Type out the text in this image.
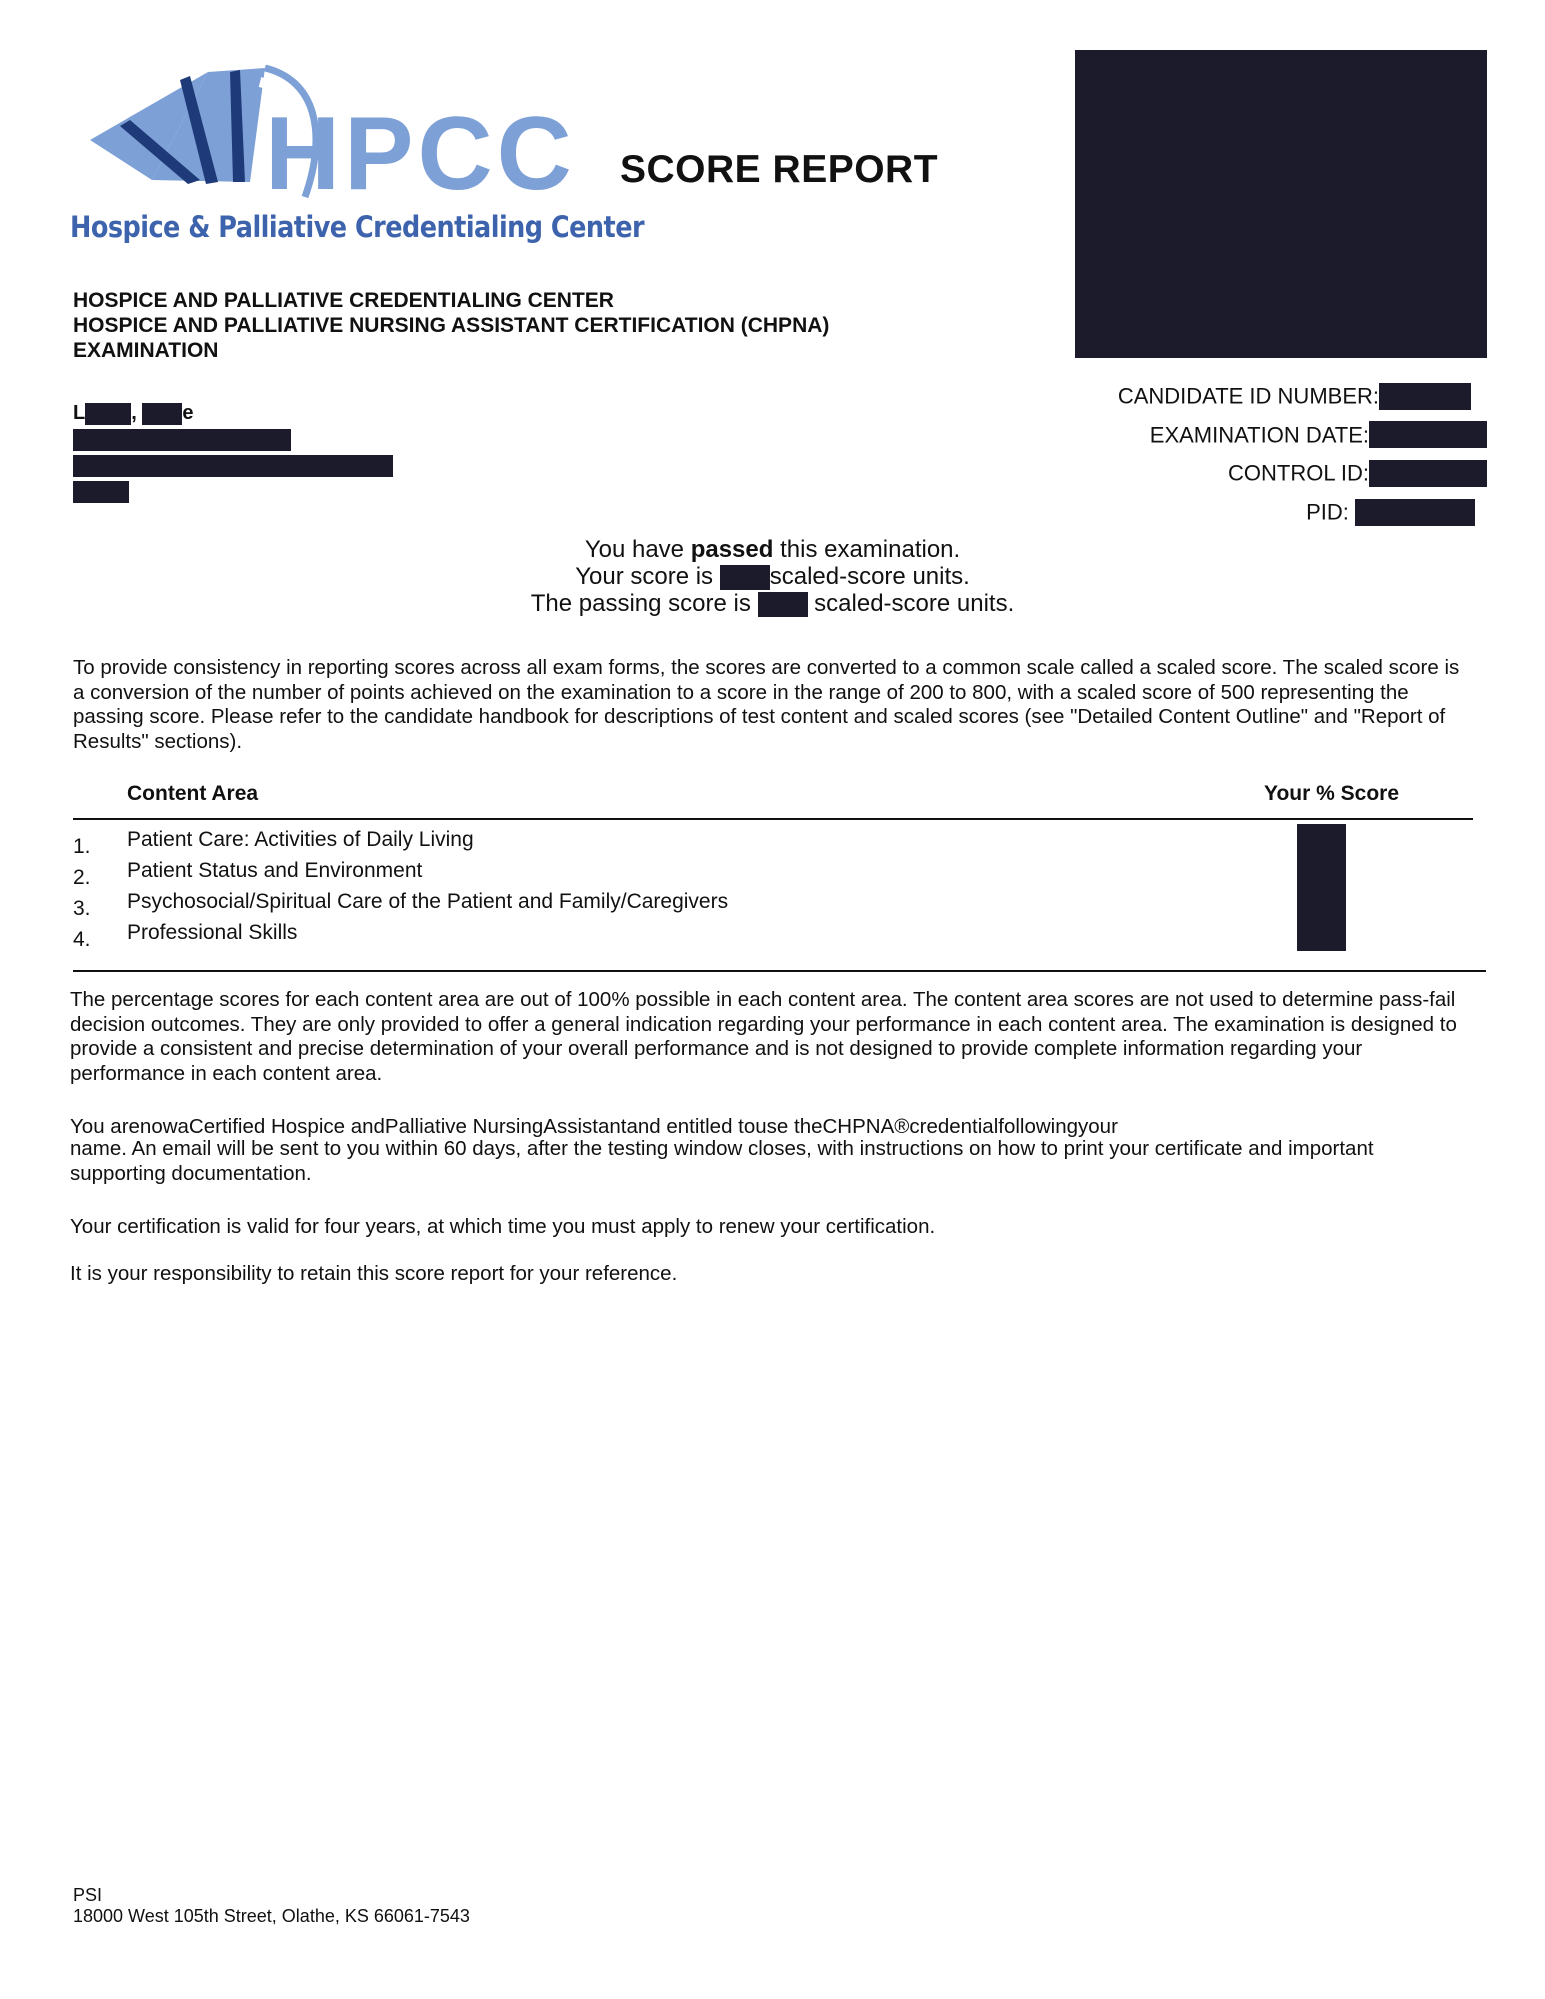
HPCC
Hospice & Palliative Credentialing Center
SCORE REPORT
HOSPICE AND PALLIATIVE CREDENTIALING CENTER
HOSPICE AND PALLIATIVE NURSING ASSISTANT CERTIFICATION (CHPNA)
EXAMINATION
CANDIDATE ID NUMBER:
EXAMINATION DATE:
CONTROL ID:
PID:
L , e
You have passed this examination.
Your score is scaled-score units.
The passing score is	scaled-score units.
To provide consistency in reporting scores across all exam forms, the scores are converted to a common scale called a scaled score. The scaled score is a conversion of the number of points achieved on the examination to a score in the range of 200 to 800, with a scaled score of 500 representing the passing score. Please refer to the candidate handbook for descriptions of test content and scaled scores (see "Detailed Content Outline" and "Report of Results" sections).
Content Area	Your % Score
1. Patient Care: Activities of Daily Living
2. Patient Status and Environment
3. Psychosocial/Spiritual Care of the Patient and Family/Caregivers
4. Professional Skills
The percentage scores for each content area are out of 100% possible in each content area. The content area scores are not used to determine pass-fail decision outcomes. They are only provided to offer a general indication regarding your performance in each content area. The examination is designed to provide a consistent and precise determination of your overall performance and is not designed to provide complete information regarding your performance in each content area.
You arenowaCertified Hospice andPalliative NursingAssistantand entitled touse theCHPNA®credentialfollowingyour
name. An email will be sent to you within 60 days, after the testing window closes, with instructions on how to print your certificate and important supporting documentation.
Your certification is valid for four years, at which time you must apply to renew your certification.
It is your responsibility to retain this score report for your reference.
PSI
18000 West 105th Street, Olathe, KS 66061-7543
